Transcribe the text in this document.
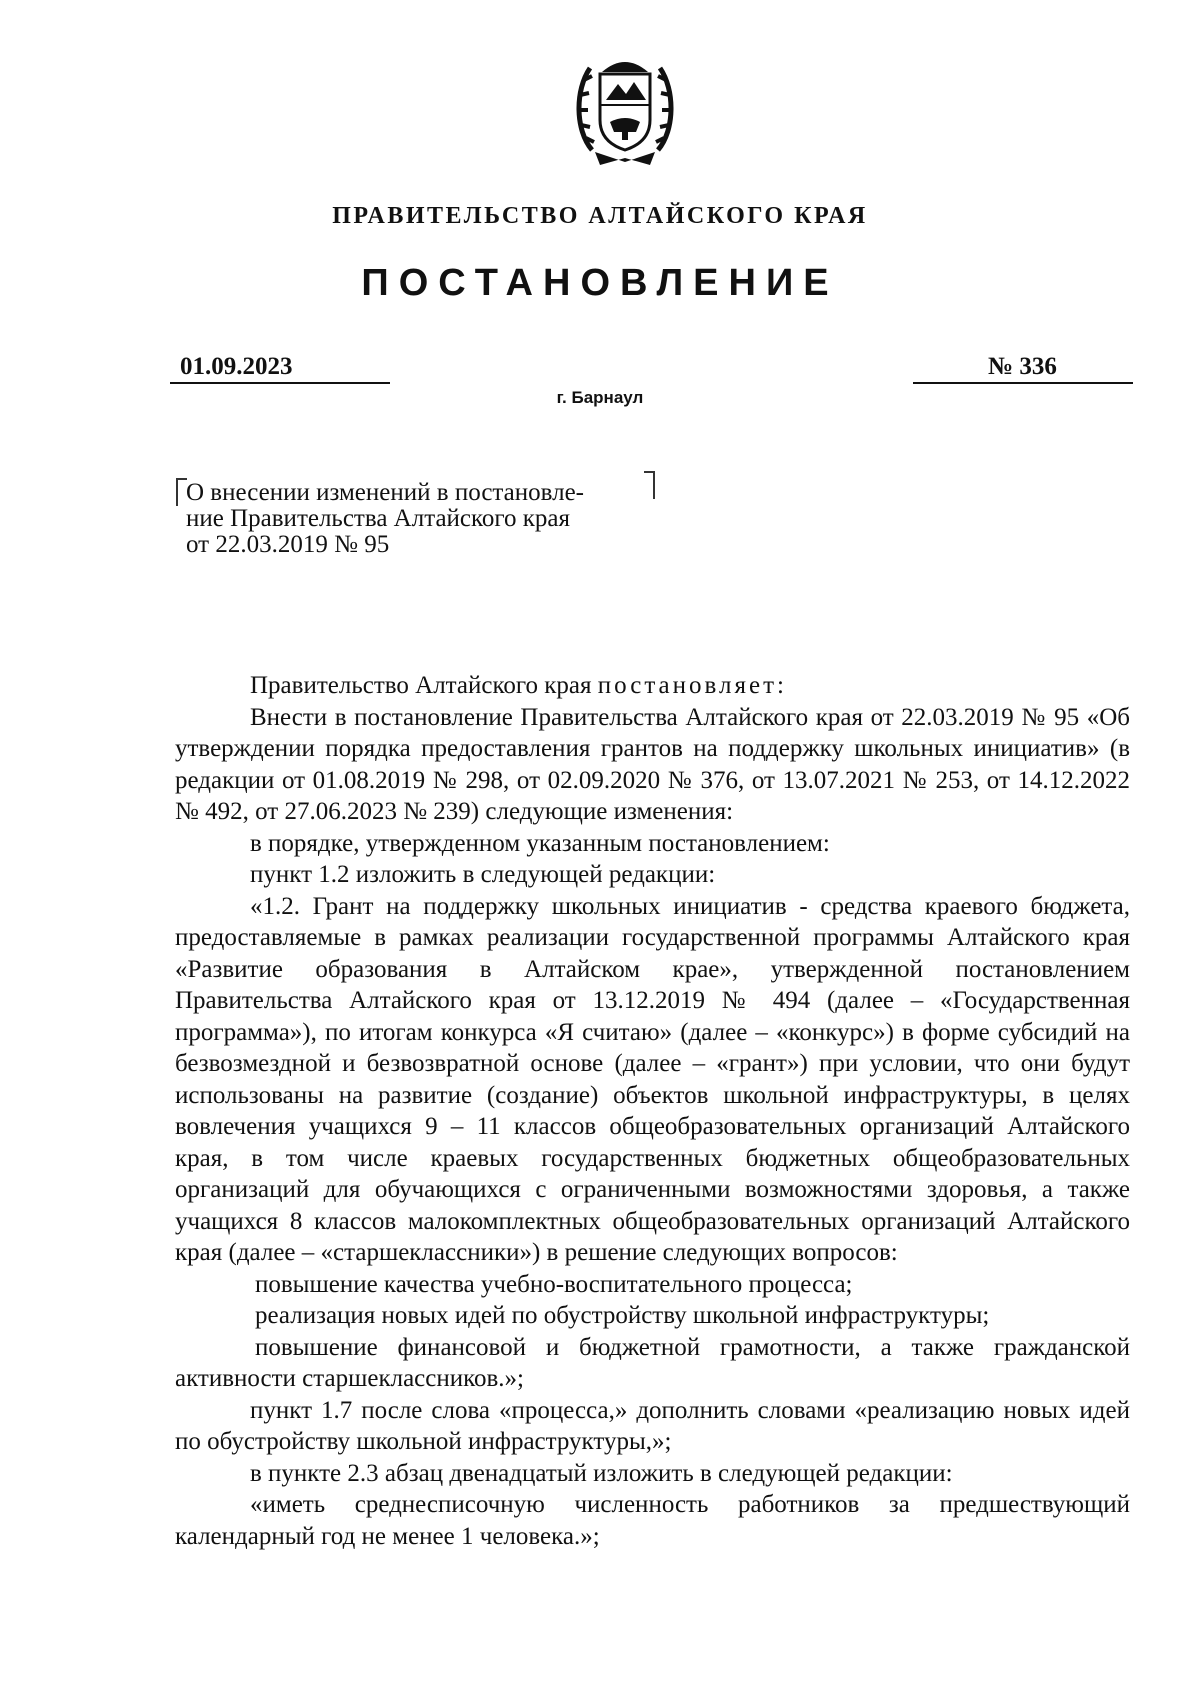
ПРАВИТЕЛЬСТВО АЛТАЙСКОГО КРАЯ
ПОСТАНОВЛЕНИЕ
01.09.2023	№ 336
г. Барнаул
О внесении изменений в постановле-
ние Правительства Алтайского края
от 22.03.2019 № 95

Правительство Алтайского края постановляет:

Внести в постановление Правительства Алтайского края от 22.03.2019 № 95 «Об утверждении порядка предоставления грантов на поддержку школьных инициатив» (в редакции от 01.08.2019 № 298, от 02.09.2020 № 376, от 13.07.2021 № 253, от 14.12.2022 № 492, от 27.06.2023 № 239) следующие изменения:

в порядке, утвержденном указанным постановлением:

пункт 1.2 изложить в следующей редакции:

«1.2. Грант на поддержку школьных инициатив - средства краевого бюджета, предоставляемые в рамках реализации государственной программы Алтайского края «Развитие образования в Алтайском крае», утвержденной постановлением Правительства Алтайского края от 13.12.2019 № 494 (далее – «Государственная программа»), по итогам конкурса «Я считаю» (далее – «конкурс») в форме субсидий на безвозмездной и безвозвратной основе (далее – «грант») при условии, что они будут использованы на развитие (создание) объектов школьной инфраструктуры, в целях вовлечения учащихся 9 – 11 классов общеобразовательных организаций Алтайского края, в том числе краевых государственных бюджетных общеобразовательных организаций для обучающихся с ограниченными возможностями здоровья, а также учащихся 8 классов малокомплектных общеобразовательных организаций Алтайского края (далее – «старшеклассники») в решение следующих вопросов:

повышение качества учебно-воспитательного процесса;

реализация новых идей по обустройству школьной инфраструктуры;

повышение финансовой и бюджетной грамотности, а также гражданской активности старшеклассников.»;

пункт 1.7 после слова «процесса,» дополнить словами «реализацию новых идей по обустройству школьной инфраструктуры,»;

в пункте 2.3 абзац двенадцатый изложить в следующей редакции:

«иметь среднесписочную численность работников за предшествующий календарный год не менее 1 человека.»;
